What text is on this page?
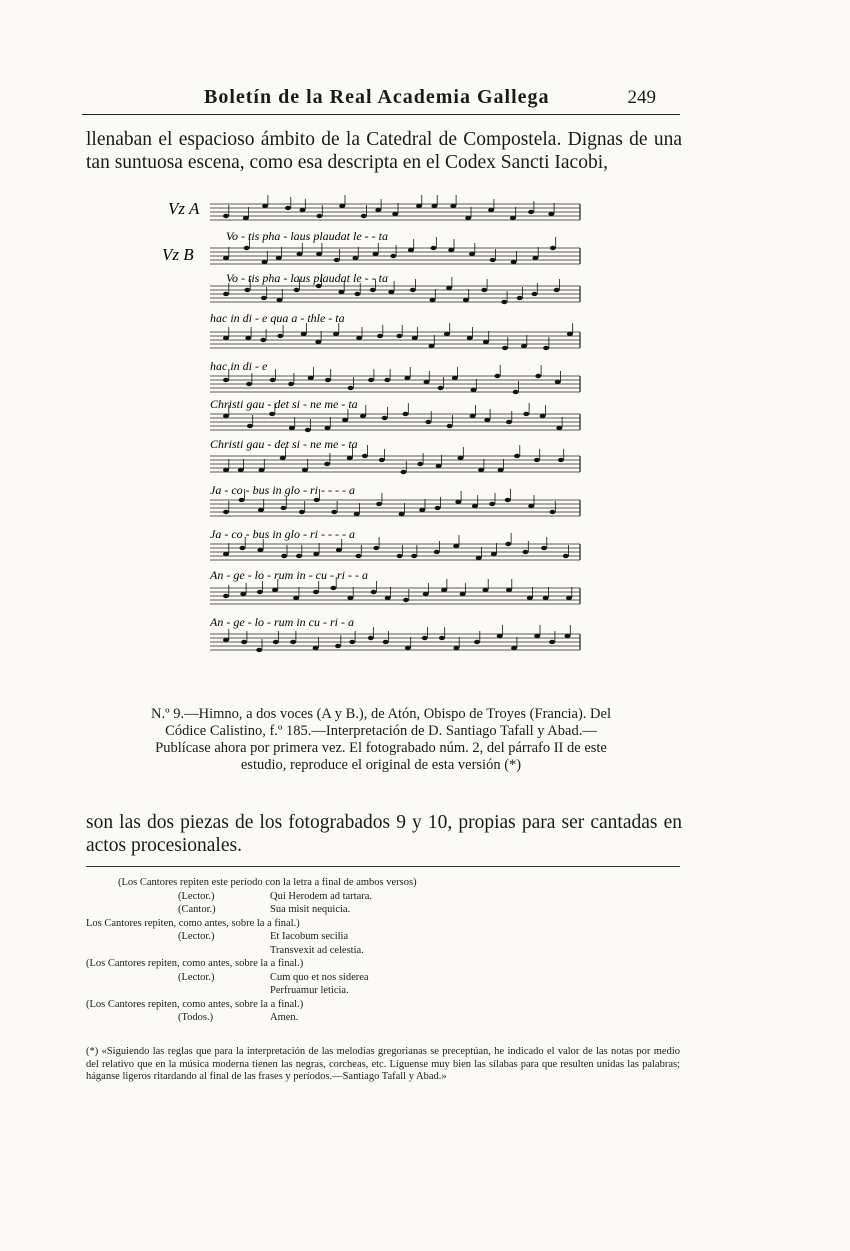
Boletín de la Real Academia Gallega	249
llenaban el espacioso ámbito de la Catedral de Compostela. Dignas de una tan suntuosa escena, como esa descripta en el Codex Sancti Iacobi,
Vz A
Vz B
Vo - tis pha - laus plaudat le - - ta
Vo - tis pha - laus plaudat le - - ta
hac in di - e qua a - thle - ta
hac in di - e
Christi gau - det si - ne me - ta
Christi gau - det si - ne me - ta
Ja - co - bus in glo - ri - - - - a
Ja - co - bus in glo - ri - - - - a
An - ge - lo - rum in - cu - ri - - a
An - ge - lo - rum in cu - ri - a
N.º 9.—Himno, a dos voces (A y B.), de Atón, Obispo de Troyes (Francia). Del Códice Calistino, f.º 185.—Interpretación de D. Santiago Tafall y Abad.—Publícase ahora por primera vez. El fotograbado núm. 2, del párrafo II de este estudio, reproduce el original de esta versión (*)
son las dos piezas de los fotograbados 9 y 10, propias para ser cantadas en actos procesionales.
(Los Cantores repiten este período con la letra a final de ambos versos)
(Lector.)	Qui Herodem ad tartara.
(Cantor.)	Sua misit nequicia.
Los Cantores repiten, como antes, sobre la a final.)
(Lector.)	Et Iacobum secilia
Transvexit ad celestia.
(Los Cantores repiten, como antes, sobre la a final.)
(Lector.)	Cum quo et nos siderea
Perfruamur leticia.
(Los Cantores repiten, como antes, sobre la a final.)
(Todos.)	Amen.
(*) «Siguiendo las reglas que para la interpretación de las melodías gregorianas se preceptúan, he indicado el valor de las notas por medio del relativo que en la música moderna tienen las negras, corcheas, etc. Líguense muy bien las sílabas para que resulten unidas las palabras; háganse ligeros ritardando al final de las frases y períodos.—Santiago Tafall y Abad.»
